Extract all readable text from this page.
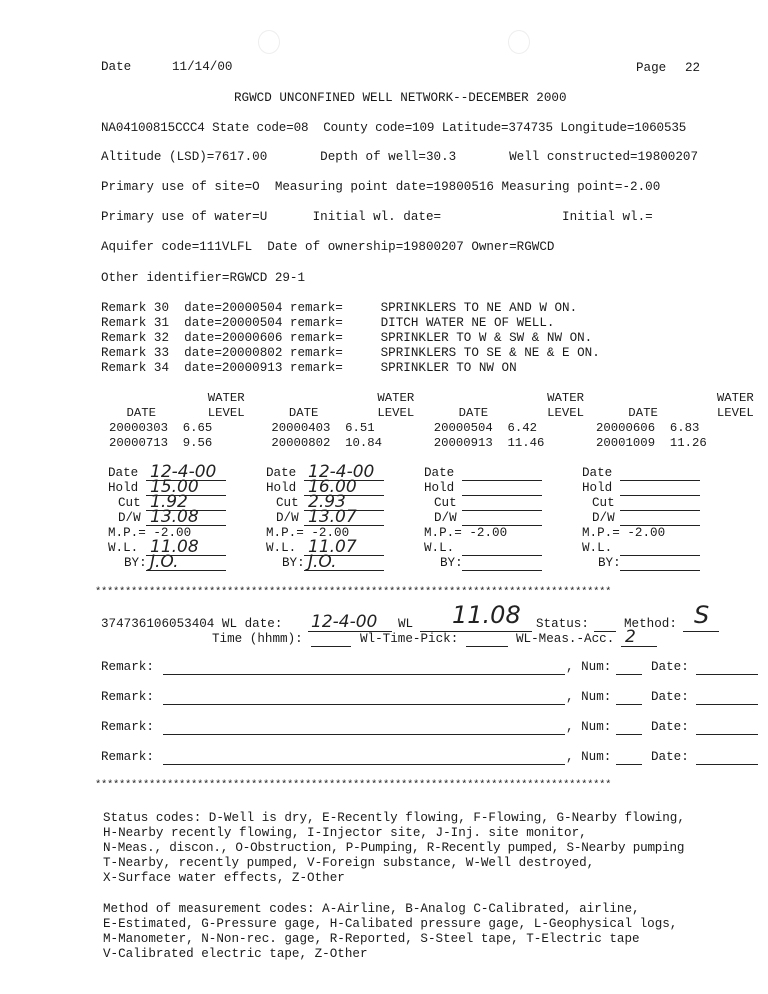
Date	11/14/00	Page 22
RGWCD UNCONFINED WELL NETWORK--DECEMBER 2000
NA04100815CCC4 State code=08  County code=109 Latitude=374735 Longitude=1060535
Altitude (LSD)=7617.00       Depth of well=30.3       Well constructed=19800207
Primary use of site=O  Measuring point date=19800516 Measuring point=-2.00
Primary use of water=U      Initial wl. date=                Initial wl.=
Aquifer code=111VLFL  Date of ownership=19800207 Owner=RGWCD
Other identifier=RGWCD 29-1
Remark 30  date=20000504 remark=     SPRINKLERS TO NE AND W ON.
Remark 31  date=20000504 remark=     DITCH WATER NE OF WELL.
Remark 32  date=20000606 remark=     SPRINKLER TO W & SW & NW ON.
Remark 33  date=20000802 remark=     SPRINKLERS TO SE & NE & E ON.
Remark 34  date=20000913 remark=     SPRINKLER TO NW ON
WATER                  WATER                  WATER                  WATER
DATE       LEVEL      DATE        LEVEL      DATE        LEVEL      DATE        LEVEL
20000303  6.65        20000403  6.51        20000504  6.42        20000606  6.83
20000713  9.56        20000802  10.84       20000913  11.46       20001009  11.26
Date 12-4-00
Hold 15.00
Cut 1.92
D/W 13.08
M.P.= -2.00
W.L. 11.08
BY: J.O.
Date 12-4-00
Hold 16.00
Cut 2.93
D/W 13.07
M.P.= -2.00
W.L. 11.07
BY: J.O.
Date
Hold
Cut
D/W
M.P.= -2.00
W.L.
BY:
Date
Hold
Cut
D/W
M.P.= -2.00
W.L.
BY:
**************************************************************************************
374736106053404 WL date: 12-4-00 WL 11.08 Status:	Method: S
Time (hhmm):	Wl-Time-Pick:	WL-Meas.-Acc. 2
Remark:	, Num:	Date:
Remark:	, Num:	Date:
Remark:	, Num:	Date:
Remark:	, Num:	Date:
**************************************************************************************
Status codes: D-Well is dry, E-Recently flowing, F-Flowing, G-Nearby flowing,
H-Nearby recently flowing, I-Injector site, J-Inj. site monitor,
N-Meas., discon., O-Obstruction, P-Pumping, R-Recently pumped, S-Nearby pumping
T-Nearby, recently pumped, V-Foreign substance, W-Well destroyed,
X-Surface water effects, Z-Other
Method of measurement codes: A-Airline, B-Analog C-Calibrated, airline,
E-Estimated, G-Pressure gage, H-Calibated pressure gage, L-Geophysical logs,
M-Manometer, N-Non-rec. gage, R-Reported, S-Steel tape, T-Electric tape
V-Calibrated electric tape, Z-Other
